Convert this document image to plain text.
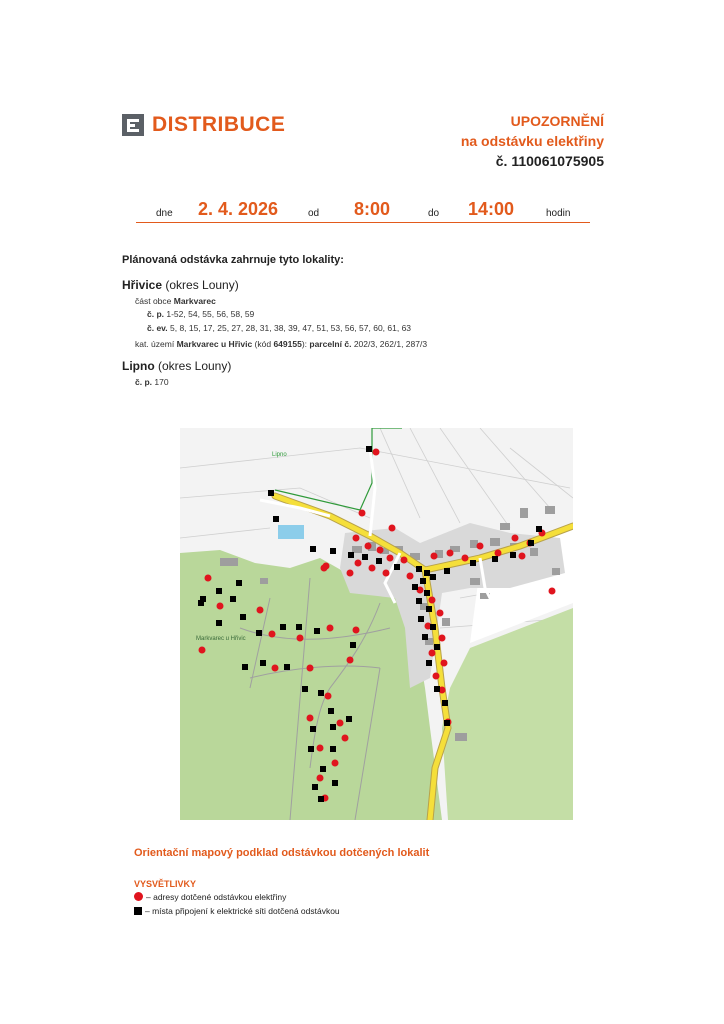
DISTRIBUCE	UPOZORNĚNÍ
na odstávku elektřiny
č. 110061075905
dne 2. 4. 2026	od 8:00	do 14:00	hodin
Plánovaná odstávka zahrnuje tyto lokality:
Hřivice (okres Louny)
část obce Markvarec
č. p. 1-52, 54, 55, 56, 58, 59
č. ev. 5, 8, 15, 17, 25, 27, 28, 31, 38, 39, 47, 51, 53, 56, 57, 60, 61, 63
kat. území Markvarec u Hřivic (kód 649155): parcelní č. 202/3, 262/1, 287/3
Lipno (okres Louny)
č. p. 170
Lipno
Markvarec u Hřivic
Orientační mapový podklad odstávkou dotčených lokalit
VYSVĚTLIVKY
– adresy dotčené odstávkou elektřiny
– místa připojení k elektrické síti dotčená odstávkou
